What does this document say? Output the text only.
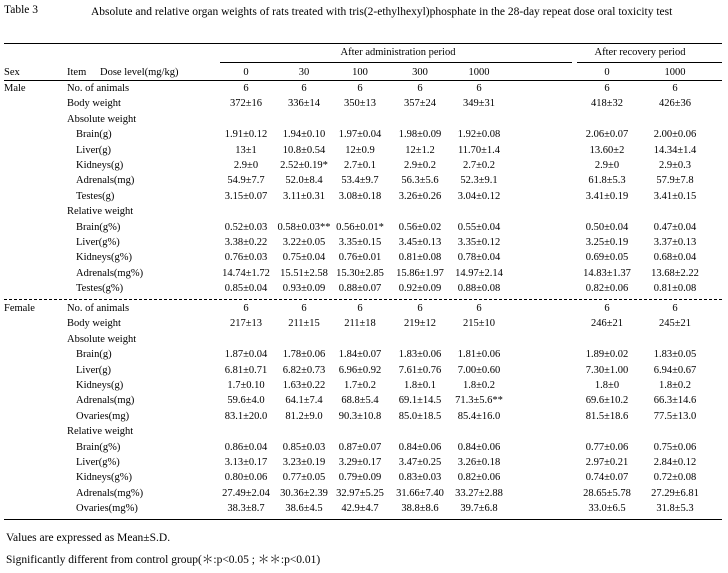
Table 3	Absolute and relative organ weights of rats treated with tris(2-ethylhexyl)phosphate in the 28-day repeat dose oral toxicity test
After administration period	After recovery period
Sex	Item Dose level(mg/kg)	0	30	100	300	1000	0	1000
Male	No. of animals	6	6	6	6	6	6	6
Body weight	372±16 336±14 350±13	357±24	349±31	418±32	426±36
Absolute weight
Brain(g)	1.91±0.12 1.94±0.10 1.97±0.04 1.98±0.09 1.92±0.08	2.06±0.07 2.00±0.06
Liver(g)	13±1 10.8±0.54 12±0.9	12±1.2 11.70±1.4	13.60±2	14.34±1.4
Kidneys(g)	2.9±0 2.52±0.19* 2.7±0.1	2.9±0.2	2.7±0.2	2.9±0	2.9±0.3
Adrenals(mg)	54.9±7.7 52.0±8.4 53.4±9.7 56.3±5.6 52.3±9.1	61.8±5.3	57.9±7.8
Testes(g)	3.15±0.07 3.11±0.31 3.08±0.18 3.26±0.26 3.04±0.12	3.41±0.19 3.41±0.15
Relative weight
Brain(g%)	0.52±0.03 0.58±0.03** 0.56±0.01* 0.56±0.02 0.55±0.04	0.50±0.04 0.47±0.04
Liver(g%)	3.38±0.22 3.22±0.05 3.35±0.15 3.45±0.13 3.35±0.12	3.25±0.19 3.37±0.13
Kidneys(g%)	0.76±0.03 0.75±0.04 0.76±0.01 0.81±0.08 0.78±0.04	0.69±0.05 0.68±0.04
Adrenals(mg%)	14.74±1.72 15.51±2.58 15.30±2.85 15.86±1.97 14.97±2.14	14.83±1.37 13.68±2.22
Testes(g%)	0.85±0.04 0.93±0.09 0.88±0.07 0.92±0.09 0.88±0.08	0.82±0.06 0.81±0.08
Female	No. of animals	6	6	6	6	6	6	6
Body weight	217±13 211±15 211±18	219±12	215±10	246±21	245±21
Absolute weight
Brain(g)	1.87±0.04 1.78±0.06 1.84±0.07 1.83±0.06 1.81±0.06	1.89±0.02 1.83±0.05
Liver(g)	6.81±0.71 6.82±0.73 6.96±0.92 7.61±0.76 7.00±0.60	7.30±1.00 6.94±0.67
Kidneys(g)	1.7±0.10 1.63±0.22 1.7±0.2	1.8±0.1	1.8±0.2	1.8±0	1.8±0.2
Adrenals(mg)	59.6±4.0 64.1±7.4 68.8±5.4 69.1±14.5 71.3±5.6**	69.6±10.2 66.3±14.6
Ovaries(mg)	83.1±20.0 81.2±9.0 90.3±10.8 85.0±18.5 85.4±16.0	81.5±18.6 77.5±13.0
Relative weight
Brain(g%)	0.86±0.04 0.85±0.03 0.87±0.07 0.84±0.06 0.84±0.06	0.77±0.06 0.75±0.06
Liver(g%)	3.13±0.17 3.23±0.19 3.29±0.17 3.47±0.25 3.26±0.18	2.97±0.21 2.84±0.12
Kidneys(g%)	0.80±0.06 0.77±0.05 0.79±0.09 0.83±0.03 0.82±0.06	0.74±0.07 0.72±0.08
Adrenals(mg%)	27.49±2.04 30.36±2.39 32.97±5.25 31.66±7.40 33.27±2.88	28.65±5.78 27.29±6.81
Ovaries(mg%)	38.3±8.7 38.6±4.5 42.9±4.7 38.8±8.6 39.7±6.8	33.0±6.5	31.8±5.3
Values are expressed as Mean±S.D.
Significantly different from control group(＊:p<0.05 ; ＊＊:p<0.01)
